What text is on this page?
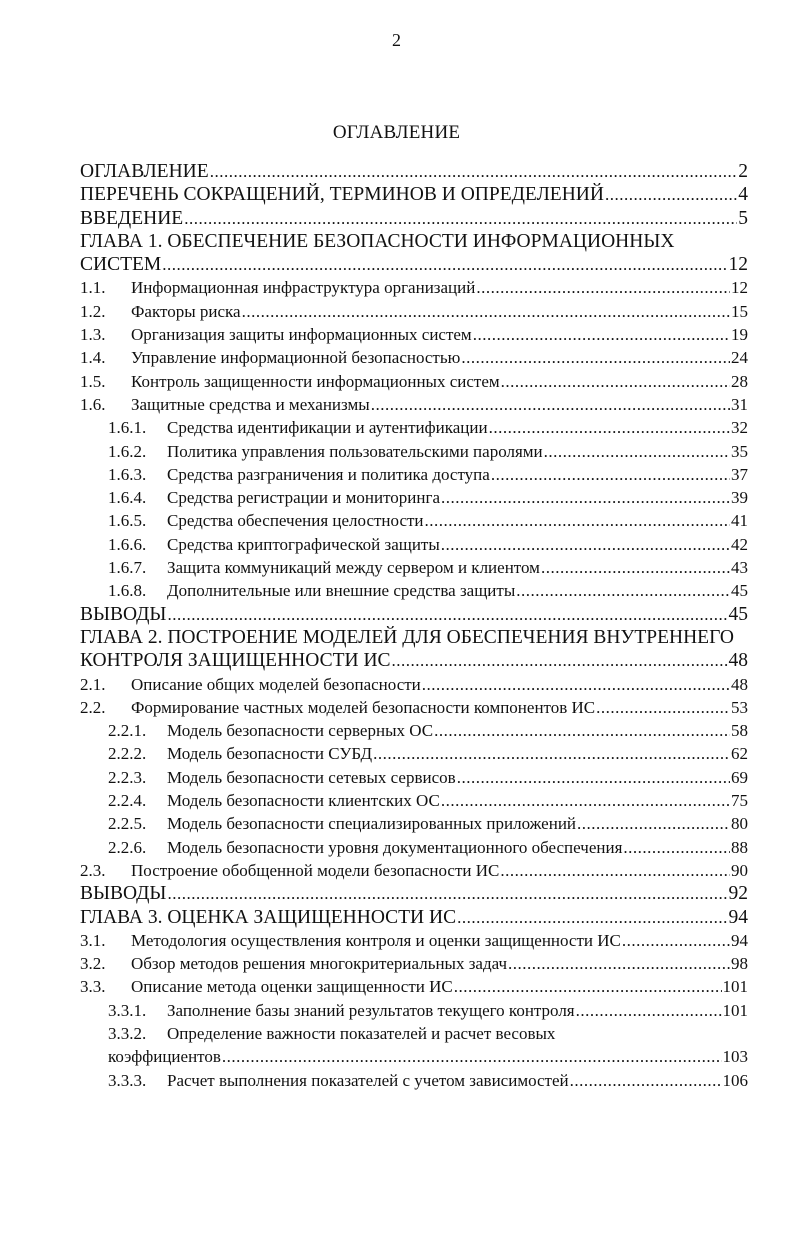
2
ОГЛАВЛЕНИЕ
ОГЛАВЛЕНИЕ .....	2
ПЕРЕЧЕНЬ СОКРАЩЕНИЙ, ТЕРМИНОВ И ОПРЕДЕЛЕНИЙ .....	4
ВВЕДЕНИЕ .....	5
ГЛАВА 1. ОБЕСПЕЧЕНИЕ БЕЗОПАСНОСТИ ИНФОРМАЦИОННЫХ
СИСТЕМ .....	12
1.1.	Информационная инфраструктура организаций .....	12
1.2.	Факторы риска .....	15
1.3.	Организация защиты информационных систем .....	19
1.4.	Управление информационной безопасностью .....	24
1.5.	Контроль защищенности информационных систем .....	28
1.6.	Защитные средства и механизмы .....	31
1.6.1.	Средства идентификации и аутентификации .....	32
1.6.2.	Политика управления пользовательскими паролями .....	35
1.6.3.	Средства разграничения и политика доступа .....	37
1.6.4.	Средства регистрации и мониторинга .....	39
1.6.5.	Средства обеспечения целостности .....	41
1.6.6.	Средства криптографической защиты .....	42
1.6.7.	Защита коммуникаций между сервером и клиентом .....	43
1.6.8.	Дополнительные или внешние средства защиты .....	45
ВЫВОДЫ .....	45
ГЛАВА 2. ПОСТРОЕНИЕ МОДЕЛЕЙ ДЛЯ ОБЕСПЕЧЕНИЯ ВНУТРЕННЕГО
КОНТРОЛЯ ЗАЩИЩЕННОСТИ ИС .....	48
2.1.	Описание общих моделей безопасности .....	48
2.2.	Формирование частных моделей безопасности компонентов ИС .....	53
2.2.1.	Модель безопасности серверных ОС .....	58
2.2.2.	Модель безопасности СУБД .....	62
2.2.3.	Модель безопасности сетевых сервисов .....	69
2.2.4.	Модель безопасности клиентских ОС .....	75
2.2.5.	Модель безопасности специализированных приложений .....	80
2.2.6.	Модель безопасности уровня документационного обеспечения .....	88
2.3.	Построение обобщенной модели безопасности ИС .....	90
ВЫВОДЫ .....	92
ГЛАВА 3. ОЦЕНКА ЗАЩИЩЕННОСТИ ИС .....	94
3.1.	Методология осуществления контроля и оценки защищенности ИС .....	94
3.2.	Обзор методов решения многокритериальных задач .....	98
3.3.	Описание метода оценки защищенности ИС .....	101
3.3.1.	Заполнение базы знаний результатов текущего контроля .....	101
3.3.2.	Определение важности показателей и расчет весовых
коэффициентов .....	103
3.3.3.	Расчет выполнения показателей с учетом зависимостей .....	106
